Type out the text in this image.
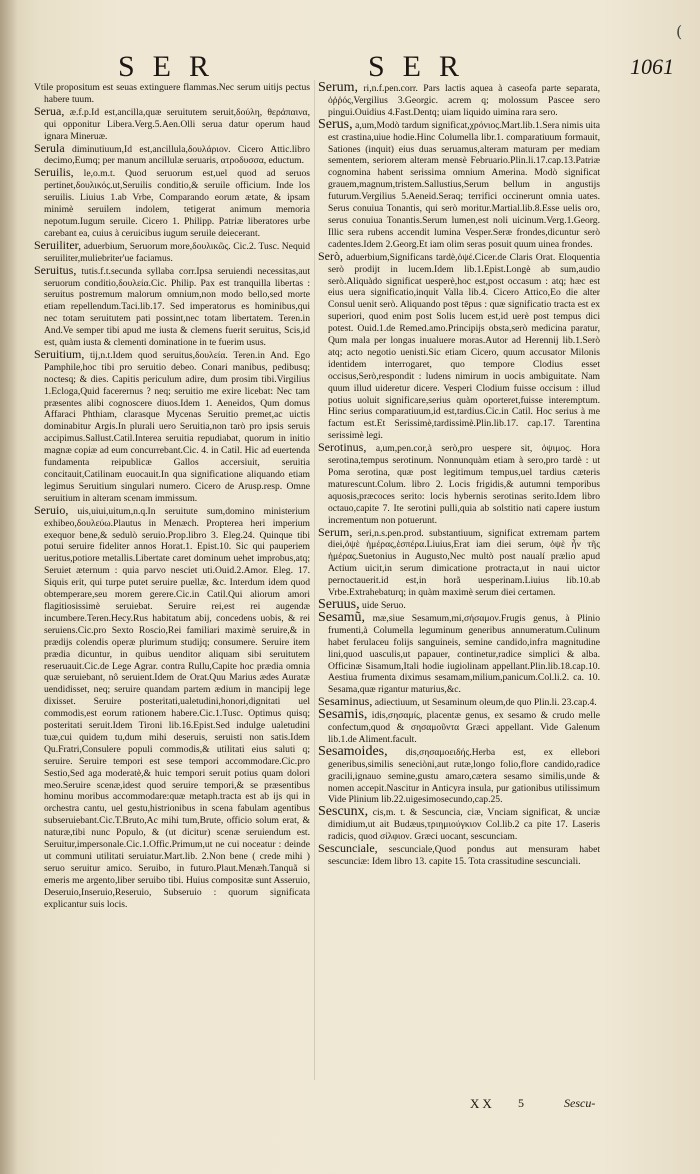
SER	SER	1061
(

Vtile propositum est seuas extinguere flammas.Nec serum uitijs pectus habere tuum.

Serua, æ.f.p.Id est,ancilla,quæ seruitutem seruit,δούλη, θεράπαινα, qui opponitur Libera.Verg.5.Aen.Olli serua datur operum haud ignara Mineruæ.

Serula diminutiuum,Id est,ancillula,δουλάριον. Cicero Attic.libro decimo,Eumq; per manum ancillulæ seruaris, ατροδυσσα, eductum.

Seruilis, le,o.m.t. Quod seruorum est,uel quod ad seruos pertinet,δουλικός.ut,Seruilis conditio,& seruile officium. Inde los seruilis. Liuius 1.ab Vrbe, Comparando eorum ætate, & ipsam minimè seruilem indolem, tetigerat animum memoria nepotum.Iugum seruile. Cicero 1. Philipp. Patriæ liberatores urbe carebant ea, cuius à ceruicibus iugum seruile deiecerant.

Seruiliter, aduerbium, Seruorum more,δουλικῶς. Cic.2. Tusc. Nequid seruiliter,muliebriter'ue faciamus.

Seruitus, tutis.f.t.secunda syllaba corr.Ipsa seruiendi necessitas,aut seruorum conditio,δουλεία.Cic. Philip. Pax est tranquilla libertas : seruitus postremum malorum omnium,non modo bello,sed morte etiam repellendum.Taci.lib.17. Sed imperatorus es hominibus,qui nec totam seruitutem pati possint,nec totam libertatem. Teren.in And.Ve semper tibi apud me iusta & clemens fuerit seruitus, Scis,id est, quàm iusta & clementi dominatione in te fuerim usus.

Seruitium, tij,n.t.Idem quod seruitus,δουλεία. Teren.in And. Ego Pamphile,hoc tibi pro seruitio debeo. Conari manibus, pedibusq; noctesq; & dies. Capitis periculum adire, dum prosim tibi.Virgilius 1.Ecloga,Quid facerernus ? neq; seruitio me exire licebat: Nec tam præsentes alibi cognoscere diuos.Idem 1. Aeneidos, Qum domus Affaraci Phthiam, clarasque Mycenas Seruitio premet,ac uictis dominabitur Argis.In plurali uero Seruitia,non tarò pro ipsis seruis accipimus.Sallust.Catil.Interea seruitia repudiabat, quorum in initio magnæ copiæ ad eum concurrebant.Cic. 4. in Catil. Hic ad euertenda fundamenta reipublicæ Gallos accersiuit, seruitia concitauit,Catilinam euocauit.In qua significatione aliquando etiam legimus Seruitium singulari numero. Cicero de Arusp.resp. Omne seruitium in alteram scenam immissum.

Seruio, uis,uiui,uitum,n.q.In seruitute sum,domino ministerium exhibeo,δουλεύω.Plautus in Menæch. Propterea heri imperium exequor bene,& sedulò seruio.Prop.libro 3. Eleg.24. Quinque tibi potui seruire fideliter annos Horat.1. Epist.10. Sic qui pauperiem ueritus,potiore metallis.Libertate caret dominum uehet improbus,atq; Seruiet æternum : quia parvo nesciet uti.Ouid.2.Amor. Eleg. 17. Siquis erit, qui turpe putet seruire puellæ, &c. Interdum idem quod obtemperare,seu morem gerere.Cic.in Catil.Qui aliorum amori flagitiosissimè seruiebat. Seruire rei,est rei augendæ incumbere.Teren.Hecy.Rus habitatum abij, concedens uobis, & rei seruiens.Cic.pro Sexto Roscio,Rei familiari maximè seruire,& in prædijs colendis operæ plurimum studijq; consumere. Seruire item prædia dicuntur, in quibus uenditor aliquam sibi seruitutem reseruauit.Cic.de Lege Agrar. contra Rullu,Capite hoc prædia omnia quæ seruiebant, nô seruient.Idem de Orat.Quu Marius ædes Auratæ uendidisset, neq; seruire quandam partem ædium in mancipij lege dixisset. Seruire posteritati,ualetudini,honori,dignitati uel commodis,est eorum rationem habere.Cic.1.Tusc. Optimus quisq; posteritati seruit.Idem Tironi lib.16.Epist.Sed indulge ualetudini tuæ,cui quidem tu,dum mihi deseruis, seruisti non satis.Idem Qu.Fratri,Consulere populi commodis,& utilitati eius saluti q; seruire. Seruire tempori est sese tempori accommodare.Cic.pro Sestio,Sed aga moderatè,& huic tempori seruit potius quam dolori meo.Seruire scenæ,idest quod seruire tempori,& se præsentibus hominu moribus accommodare:quæ metaph.tracta est ab ijs qui in orchestra cantu, uel gestu,histrionibus in scena fabulam agentibus subseruiebant.Cic.T.Bruto,Ac mihi tum,Brute, officio solum erat, & naturæ,tibi nunc Populo, & (ut dicitur) scenæ seruiendum est. Seruitur,impersonale.Cic.1.Offic.Primum,ut ne cui noceatur : deinde ut communi utilitati seruiatur.Mart.lib. 2.Non bene ( crede mihi ) seruo seruitur amico. Seruibo, in futuro.Plaut.Menæh.Tanquã si emeris me argento,liber seruibo tibi. Huius compositæ sunt Asseruio, Deseruio,Inseruio,Reseruio, Subseruio : quorum significata explicantur suis locis.

Serum, ri,n.f.pen.corr. Pars lactis aquea à caseofa parte separata, ὀῤῥός,Vergilius 3.Georgic. acrem q; molossum Pascee sero pingui.Ouidius 4.Fast.Dentq; uiam liquido uimina rara sero.

Serus, a,um,Modò tardum significat,χρόνιος.Mart.lib.1.Sera nimis uita est crastina,uiue hodie.Hinc Columella libr.1. comparatiuum formauit, Sationes (inquit) eius duas seruamus,alteram maturam per mediam sementem, seriorem alteram mensè Februario.Plin.li.17.cap.13.Patriæ cognomina habent serissima omnium Amerina. Modò significat grauem,magnum,tristem.Sallustius,Serum bellum in angustijs futurum.Vergilius 5.Aeneid.Seraq; terrifici occinerunt omnia uates. Serus conuiua Tonantis, qui serò moritur.Martial.lib.8.Esse uelis oro, serus conuiua Tonantis.Serum lumen,est noli uicinum.Verg.1.Georg. Illic sera rubens accendit lumina Vesper.Seræ frondes,dicuntur serò cadentes.Idem 2.Georg.Et iam olim seras posuit quum uinea frondes.

Serò, aduerbium,Significans tardè,ὀψέ.Cicer.de Claris Orat. Eloquentia serò prodijt in lucem.Idem lib.1.Epist.Longè ab sum,audio serò.Aliquàdo significat uesperè,hoc est,post occasum : atq; hæc est eius uera significatio,inquit Valla lib.4. Cicero Attico,Eo die alter Consul uenit serò. Aliquando post tēpus : quæ significatio tracta est ex superiori, quod enim post Solis lucem est,id uerè post tempus dici potest. Ouid.1.de Remed.amo.Principijs obsta,serò medicina paratur, Qum mala per longas inualuere moras.Autor ad Herennij lib.1.Serò atq; acto negotio uenisti.Sic etiam Cicero, quum accusator Milonis identidem interrogaret, quo tempore Clodius esset occisus,Serò,respondit : ludens nimirum in uocis ambiguitate. Nam quum illud uideretur dicere. Vesperi Clodium fuisse occisum : illud potius uoluit significare,serius quàm oporteret,fuisse interemptum. Hinc serius comparatiuum,id est,tardius.Cic.in Catil. Hoc serius à me factum est.Et Serissimè,tardissimè.Plin.lib.17. cap.17. Tarentina serissimè legi.

Serotinus, a,um,pen.cor,à serò,pro uespere sit, ὀψιμος. Hora serotina,tempus serotinum. Nonnunquàm etiam à sero,pro tardè : ut Poma serotina, quæ post legitimum tempus,uel tardius cæteris maturescunt.Colum. libro 2. Locis frigidis,& autumni temporibus aquosis,præcoces serito: locis hybernis serotinas serito.Idem libro octauo,capite 7. Ite serotini pulli,quia ab solstitio nati capere iustum incrementum non potuerunt.

Serum, seri,n.s.pen.prod. substantiuum, significat extremam partem diei,ὀψὲ ἡμέρας,ἑσπέρα.Liuius,Erat iam diei serum, ὀψὲ ἦν τῆς ἡμέρας.Suetonius in Augusto,Nec multò post naualí prælio apud Actium uicit,in serum dimicatione protracta,ut in naui uictor pernoctauerit.id est,in horã uesperinam.Liuius lib.10.ab Vrbe.Extrahebaturq; in quàm maximè serum diei certamen.

Seruus, uide Seruo.

Sesamũ, mæ,siue Sesamum,mi,σήσαμον.Frugis genus, à Plinio frumenti,à Columella leguminum generibus annumeratum.Culinum habet ferulaceu folijs sanguineis, semine candido,infra magnitudine lini,quod uasculis,ut papauer, continetur,radice simplici & alba. Officinæ Sisamum,Itali hodie iugiolinam appellant.Plin.lib.18.cap.10. Aestiua frumenta diximus sesamam,milium,panicum.Col.li.2. ca. 10. Sesama,quæ rigantur maturius,&c.

Sesaminus, adiectiuum, ut Sesaminum oleum,de quo Plin.li. 23.cap.4.

Sesamis, idis,σησαμίς, placentæ genus, ex sesamo & crudo melle confectum,quod & σησαμοῦντα Græci appellant. Vide Galenum lib.1.de Aliment.facult.

Sesamoides, dis,σησαμοειδής.Herba est, ex ellebori generibus,similis seneciòni,aut rutæ,longo folio,flore candido,radice gracili,ignauo semine,gustu amaro,cætera sesamo similis,unde & nomen accepit.Nascitur in Anticyra insula, pur gationibus utilissimum Vide Plinium lib.22.uigesimosecundo,cap.25.

Sescunx, cis,m. t. & Sescuncia, ciæ, Vnciam significat, & unciæ dimidium,ut ait Budæus,τριημιούγκιον Col.lib.2 ca pite 17. Laseris radicis, quod σίλφιον. Græci uocant, sescunciam.

Sescunciale, sescunciale,Quod pondus aut mensuram habet sescunciæ: Idem libro 13. capite 15. Tota crassitudine sescunciali.

XX 5	Sescu-
